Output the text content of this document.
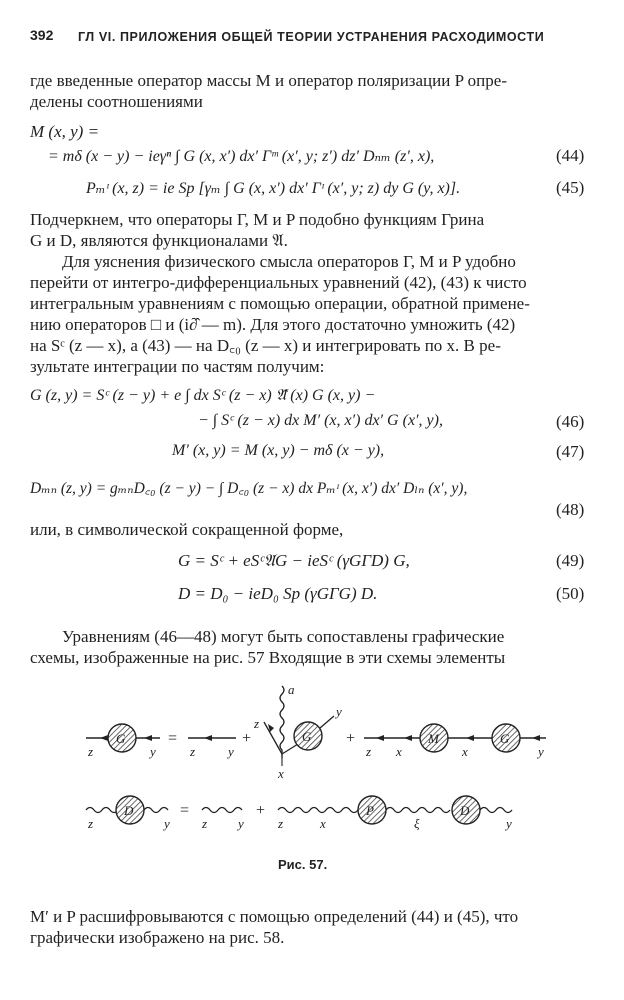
392 ГЛ VI. ПРИЛОЖЕНИЯ ОБЩЕЙ ТЕОРИИ УСТРАНЕНИЯ РАСХОДИМОСТИ
где введенные оператор массы M и оператор поляризации P опре-
делены соотношениями
M (x, y) =
= mδ (x − y) − ieγⁿ ∫ G (x, x′) dx′ Γᵐ (x′, y; z′) dz′ Dₙₘ (z′, x),	(44)
Pₘᶦ (x, z) = ie Sp [γₘ ∫ G (x, x′) dx′ Γᶦ (x′, y; z) dy G (y, x)].	(45)
Подчеркнем, что операторы Γ, M и P подобно функциям Грина
G и D, являются функционалами 𝔄.
Для уяснения физического смысла операторов Γ, M и P удобно
перейти от интегро-дифференциальных уравнений (42), (43) к чисто
интегральным уравнениям с помощью операции, обратной примене-
нию операторов □ и (i∂̂ — m). Для этого достаточно умножить (42)
на Sᶜ (z — x), а (43) — на D꜀₀ (z — x) и интегрировать по x. В ре-
зультате интеграции по частям получим:
G (z, y) = Sᶜ (z − y) + e ∫ dx Sᶜ (z − x) 𝔄̂ (x) G (x, y) −
− ∫ Sᶜ (z − x) dx M′ (x, x′) dx′ G (x′, y),	(46)
M′ (x, y) = M (x, y) − mδ (x − y),	(47)
Dₘₙ (z, y) = gₘₙD꜀₀ (z − y) − ∫ D꜀₀ (z − x) dx Pₘᶦ (x, x′) dx′ Dₗₙ (x′, y),
(48)
или, в символической сокращенной форме,
G = Sᶜ + eSᶜ𝔄G − ieSᶜ (γGΓD) G,	(49)
D = D₀ − ieD₀ Sp (γGΓG) D.	(50)
Уравнениям (46—48) могут быть сопоставлены графические
схемы, изображенные на рис. 57 Входящие в эти схемы элементы
G
z	y
=
z	y
+
a
z
x
G
y
+	M	G
z x	x	y
D
z	y
=
z y
+	P	D
z	x	ξ	y
Рис. 57.
M′ и P расшифровываются с помощью определений (44) и (45), что
графически изображено на рис. 58.
